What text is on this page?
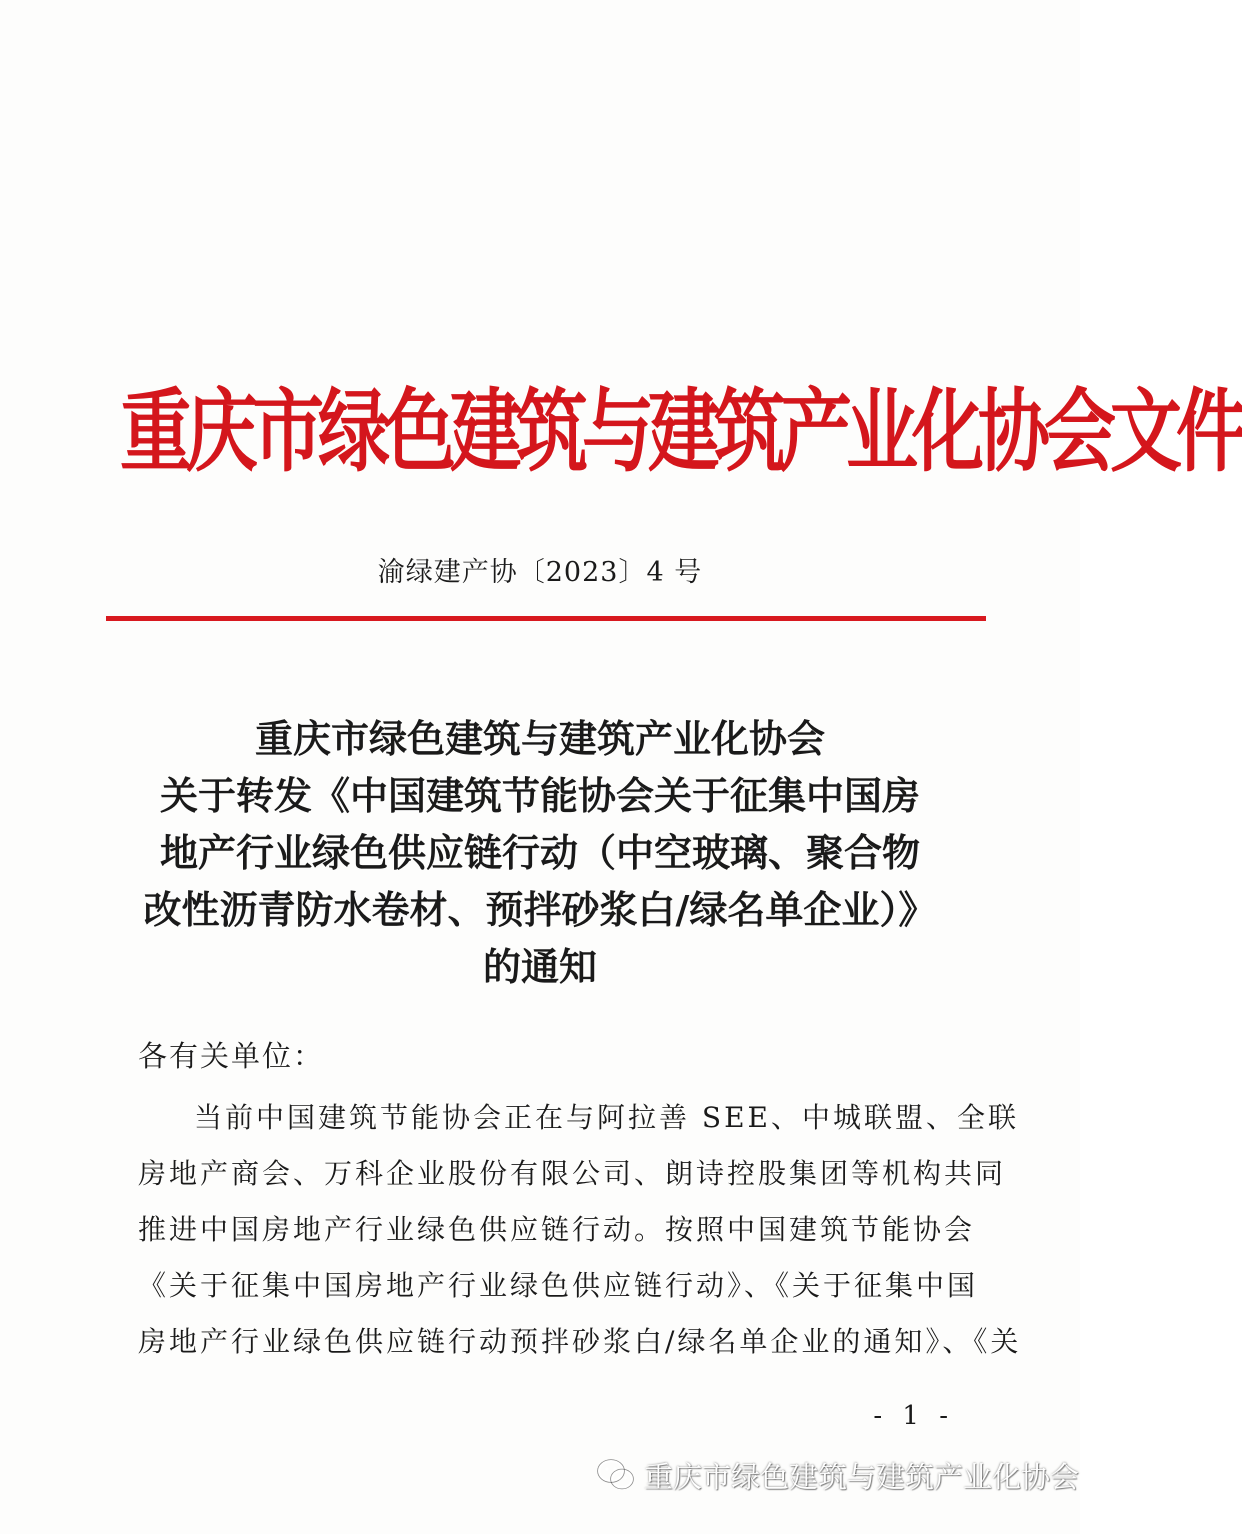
重庆市绿色建筑与建筑产业化协会文件
渝绿建产协〔2023〕4 号
重庆市绿色建筑与建筑产业化协会
关于转发《中国建筑节能协会关于征集中国房
地产行业绿色供应链行动（中空玻璃、聚合物
改性沥青防水卷材、预拌砂浆白/绿名单企业）》
的通知
各有关单位：
当前中国建筑节能协会正在与阿拉善 SEE、中城联盟、全联
房地产商会、万科企业股份有限公司、朗诗控股集团等机构共同
推进中国房地产行业绿色供应链行动。按照中国建筑节能协会
《关于征集中国房地产行业绿色供应链行动》、《关于征集中国
房地产行业绿色供应链行动预拌砂浆白/绿名单企业的通知》、《关
- 1 -
重庆市绿色建筑与建筑产业化协会
